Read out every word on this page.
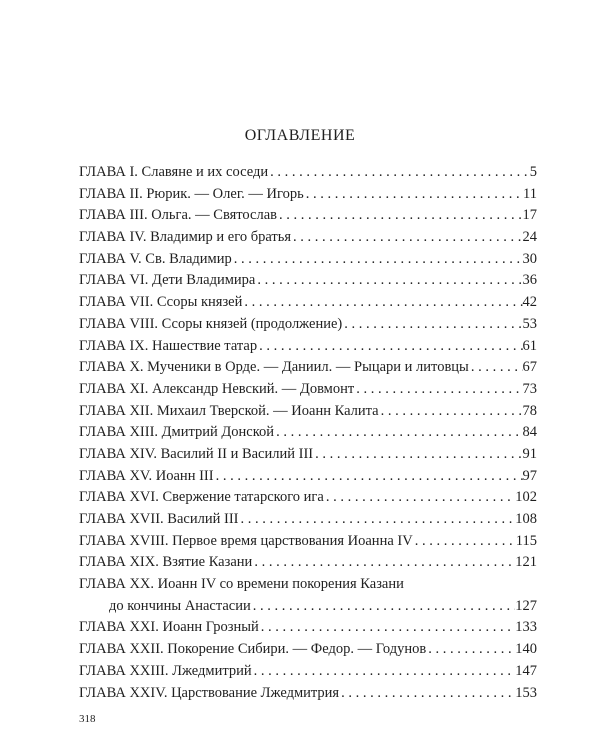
ОГЛАВЛЕНИЕ
ГЛАВА I. Славяне и их соседи . . .	5
ГЛАВА II. Рюрик. — Олег. — Игорь . . .	11
ГЛАВА III. Ольга. — Святослав . . .	17
ГЛАВА IV. Владимир и его братья . . .	24
ГЛАВА V. Св. Владимир . . .	30
ГЛАВА VI. Дети Владимира . . .	36
ГЛАВА VII. Ссоры князей . . .	42
ГЛАВА VIII. Ссоры князей (продолжение) . . .	53
ГЛАВА IX. Нашествие татар . . .	61
ГЛАВА X. Мученики в Орде. — Даниил. — Рыцари и литовцы . . .	67
ГЛАВА XI. Александр Невский. — Довмонт . . .	73
ГЛАВА XII. Михаил Тверской. — Иоанн Калита . . .	78
ГЛАВА XIII. Дмитрий Донской . . .	84
ГЛАВА XIV. Василий II и Василий III . . .	91
ГЛАВА XV. Иоанн III . . .	97
ГЛАВА XVI. Свержение татарского ига . . .	102
ГЛАВА XVII. Василий III . . .	108
ГЛАВА XVIII. Первое время царствования Иоанна IV . . .	115
ГЛАВА XIX. Взятие Казани . . .	121
ГЛАВА XX. Иоанн IV со времени покорения Казани
до кончины Анастасии . . .	127
ГЛАВА XXI. Иоанн Грозный . . .	133
ГЛАВА XXII. Покорение Сибири. — Федор. — Годунов . . .	140
ГЛАВА XXIII. Лжедмитрий . . .	147
ГЛАВА XXIV. Царствование Лжедмитрия . . .	153

318
